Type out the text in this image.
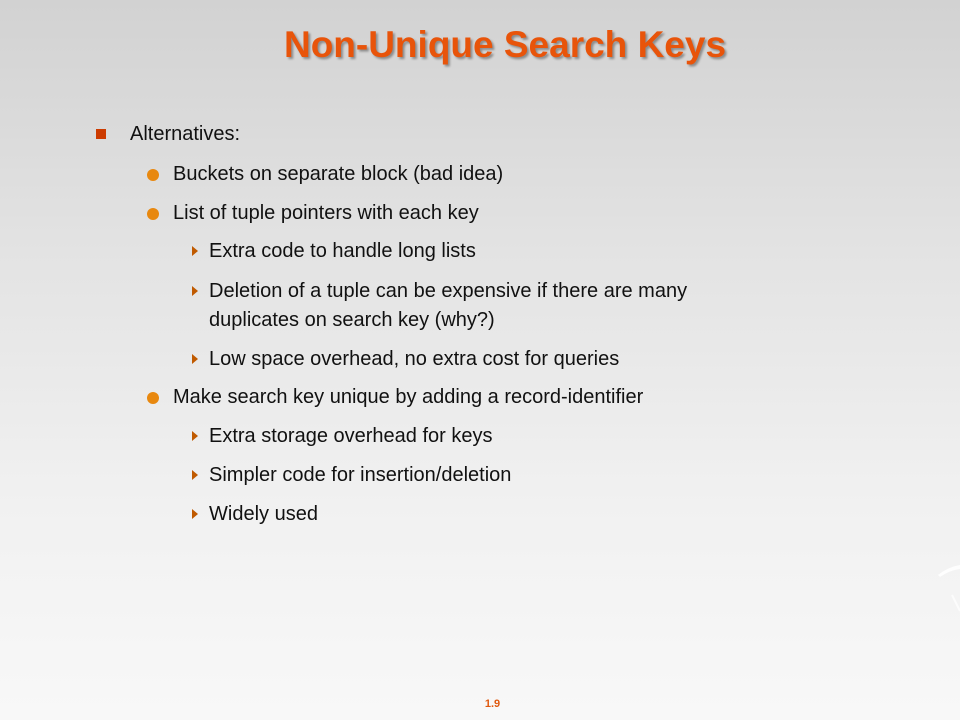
Non-Unique Search Keys
Alternatives:
Buckets on separate block (bad idea)
List of tuple pointers with each key
Extra code to handle long lists
Deletion of a tuple can be expensive if there are many
duplicates on search key (why?)
Low space overhead, no extra cost for queries
Make search key unique by adding a record-identifier
Extra storage overhead for keys
Simpler code for insertion/deletion
Widely used
1.9
